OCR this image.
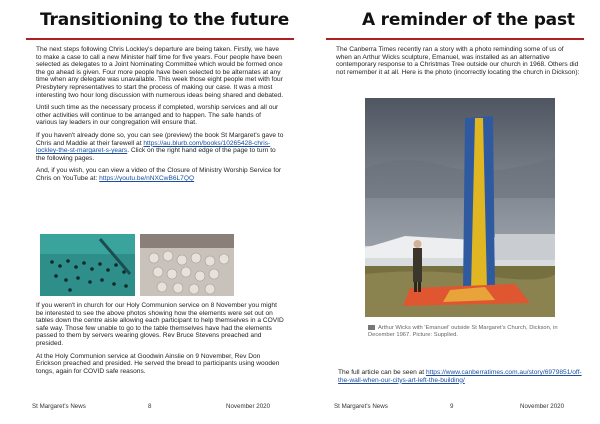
Transitioning to the future

The next steps following Chris Lockley's departure are being taken. Firstly, we have to make a case to call a new Minister half time for five years. Four people have been selected as delegates to a Joint Nominating Committee which would be formed once the go ahead is given. Four more people have been selected to be alternates at any time when any delegate was unavailable. This week those eight people met with four Presbytery representatives to start the process of making our case. It was a most interesting two hour long discussion with numerous ideas being shared and debated.

Until such time as the necessary process if completed, worship services and all our other activities will continue to be arranged and to happen. The safe hands of various lay leaders in our congregation will ensure that.

If you haven't already done so, you can see (preview) the book St Margaret's gave to Chris and Maddie at their farewell at https://au.blurb.com/books/10265428-chris-lockley-the-st-margaret-s-years. Click on the right hand edge of the page to turn to the following pages.

And, if you wish, you can view a video of the Closure of Ministry Worship Service for Chris on YouTube at: https://youtu.be/nNXCwB6L7QQ

If you weren't in church for our Holy Communion service on 8 November you might be interested to see the above photos showing how the elements were set out on tables down the centre aisle allowing each participant to help themselves in a COVID safe way. Those few unable to go to the table themselves have had the elements passed to them by servers wearing gloves. Rev Bruce Stevens preached and presided.

At the Holy Communion service at Goodwin Ainslie on 9 November, Rev Don Erickson preached and presided. He served the bread to participants using wooden tongs, again for COVID safe reasons.

St Margaret's News	8	November 2020
A reminder of the past

The Canberra Times recently ran a story with a photo reminding some of us of when an Arthur Wicks sculpture, Emanuel, was installed as an alternative contemporary response to a Christmas Tree outside our church in 1968. Others did not remember it at all. Here is the photo (incorrectly locating the church in Dickson):

Arthur Wicks with 'Emanuel' outside St Margaret's Church, Dickson, in December 1967. Picture: Supplied.

The full article can be seen at https://www.canberratimes.com.au/story/6979851/off-the-wall-when-our-citys-art-left-the-building/

St Margaret's News	9	November 2020
